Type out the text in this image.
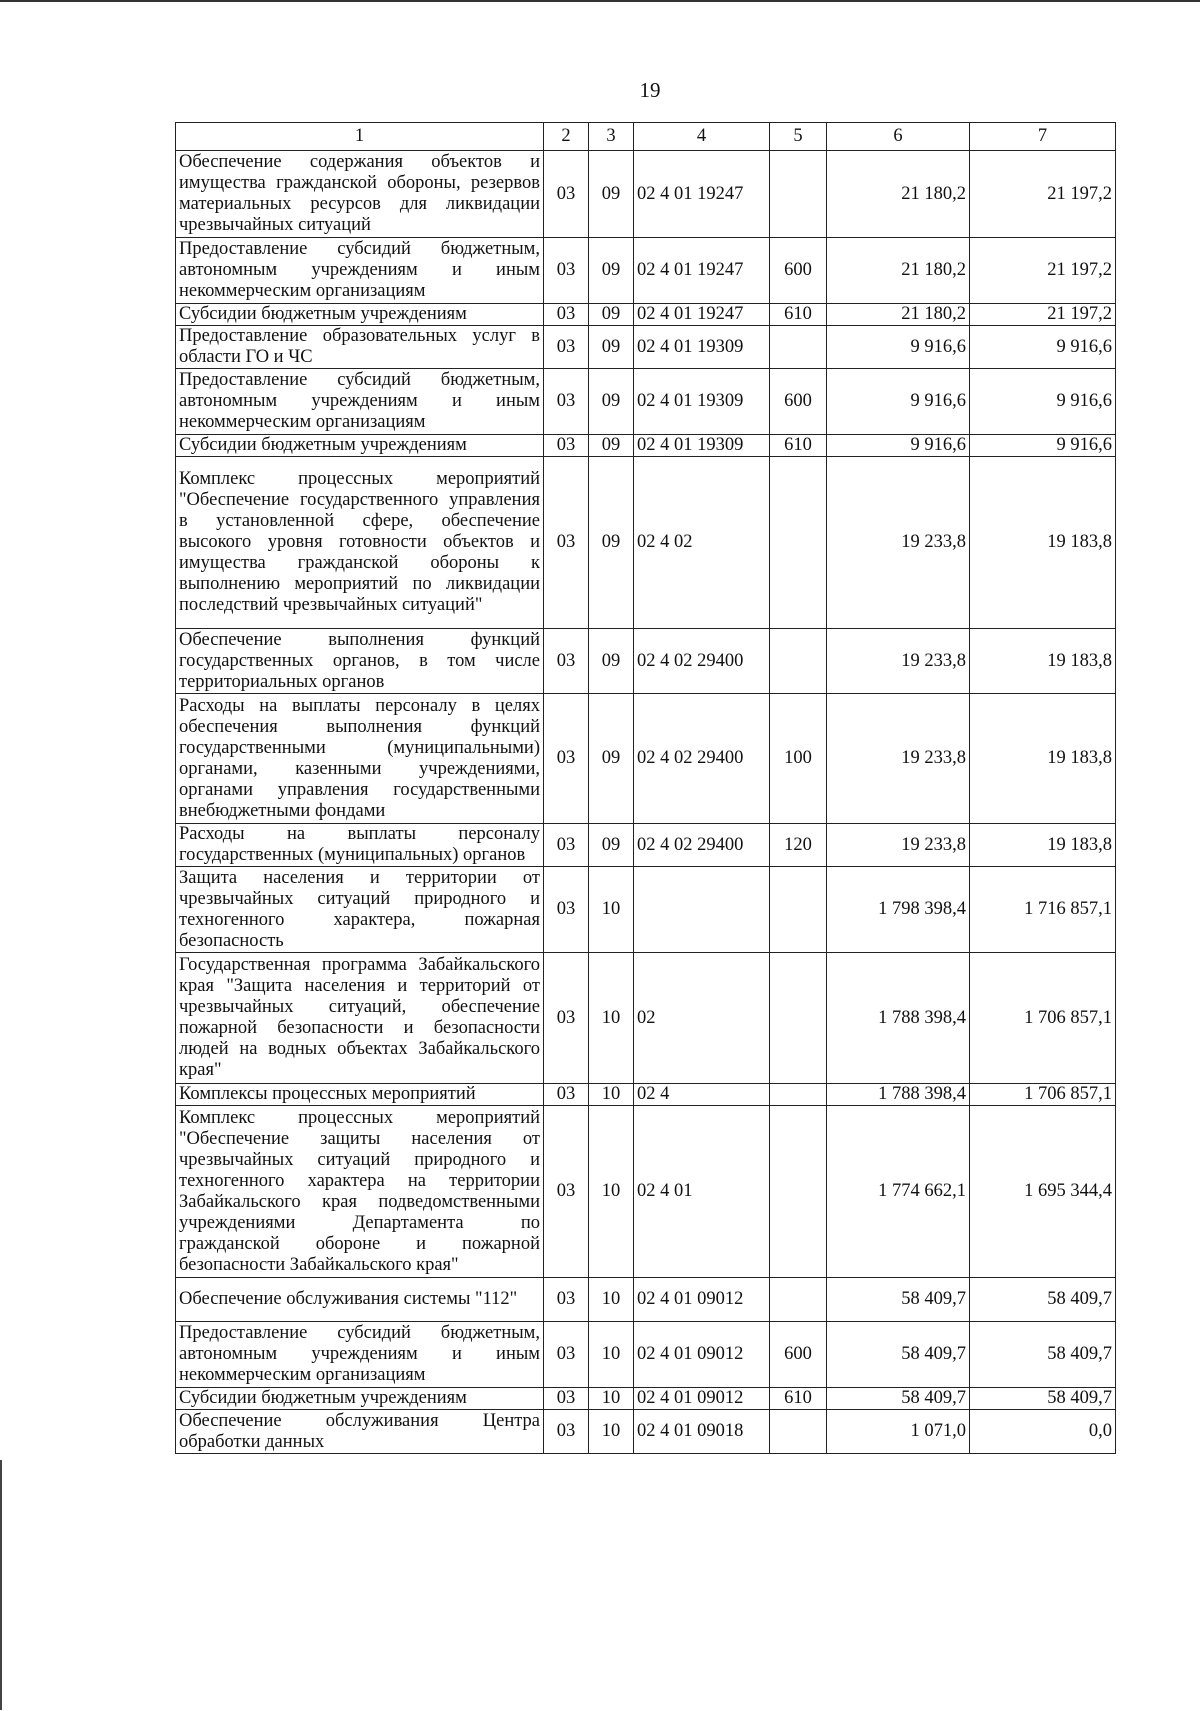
19
1	2	3	4	5	6	7
Обеспечение содержания объектов и имущества гражданской обороны, резервов материальных ресурсов для ликвидации чрезвычайных ситуаций	03	09	02 4 01 19247		21 180,2	21 197,2
Предоставление субсидий бюджетным, автономным учреждениям и иным некоммерческим организациям	03	09	02 4 01 19247	600	21 180,2	21 197,2
Субсидии бюджетным учреждениям	03	09	02 4 01 19247	610	21 180,2	21 197,2
Предоставление образовательных услуг в области ГО и ЧС	03	09	02 4 01 19309		9 916,6	9 916,6
Предоставление субсидий бюджетным, автономным учреждениям и иным некоммерческим организациям	03	09	02 4 01 19309	600	9 916,6	9 916,6
Субсидии бюджетным учреждениям	03	09	02 4 01 19309	610	9 916,6	9 916,6
Комплекс процессных мероприятий "Обеспечение государственного управления в установленной сфере, обеспечение высокого уровня готовности объектов и имущества гражданской обороны к выполнению мероприятий по ликвидации последствий чрезвычайных ситуаций"	03	09	02 4 02		19 233,8	19 183,8
Обеспечение выполнения функций государственных органов, в том числе территориальных органов	03	09	02 4 02 29400		19 233,8	19 183,8
Расходы на выплаты персоналу в целях обеспечения выполнения функций государственными (муниципальными) органами, казенными учреждениями, органами управления государственными внебюджетными фондами	03	09	02 4 02 29400	100	19 233,8	19 183,8
Расходы на выплаты персоналу государственных (муниципальных) органов	03	09	02 4 02 29400	120	19 233,8	19 183,8
Защита населения и территории от чрезвычайных ситуаций природного и техногенного характера, пожарная безопасность	03	10			1 798 398,4	1 716 857,1
Государственная программа Забайкальского края "Защита населения и территорий от чрезвычайных ситуаций, обеспечение пожарной безопасности и безопасности людей на водных объектах Забайкальского края"	03	10	02		1 788 398,4	1 706 857,1
Комплексы процессных мероприятий	03	10	02 4		1 788 398,4	1 706 857,1
Комплекс процессных мероприятий "Обеспечение защиты населения от чрезвычайных ситуаций природного и техногенного характера на территории Забайкальского края подведомственными учреждениями Департамента по гражданской обороне и пожарной безопасности Забайкальского края"	03	10	02 4 01		1 774 662,1	1 695 344,4
Обеспечение обслуживания системы "112"	03	10	02 4 01 09012		58 409,7	58 409,7
Предоставление субсидий бюджетным, автономным учреждениям и иным некоммерческим организациям	03	10	02 4 01 09012	600	58 409,7	58 409,7
Субсидии бюджетным учреждениям	03	10	02 4 01 09012	610	58 409,7	58 409,7
Обеспечение обслуживания Центра обработки данных	03	10	02 4 01 09018		1 071,0	0,0
